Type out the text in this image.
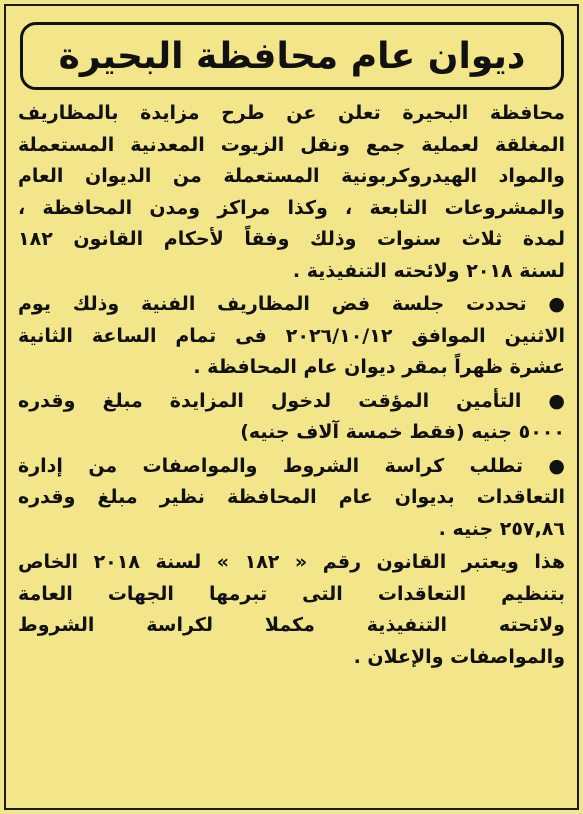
ديوان عام محافظة البحيرة
محافظة البحيرة تعلن عن طرح مزايدة بالمظاريف
المغلقة لعملية جمع ونقل الزيوت المعدنية المستعملة
والمواد الهيدروكربونية المستعملة من الديوان العام
والمشروعات التابعة ، وكذا مراكز ومدن المحافظة ،
لمدة ثلاث سنوات وذلك وفقاً لأحكام القانون ١٨٢
لسنة ٢٠١٨ ولائحته التنفيذية .
● تحددت جلسة فض المظاريف الفنية وذلك يوم
الاثنين الموافق ٢٠٢٦/١٠/١٢ فى تمام الساعة الثانية
عشرة ظهراً بمقر ديوان عام المحافظة .
● التأمين المؤقت لدخول المزايدة مبلغ وقدره
٥٠٠٠ جنيه (فقط خمسة آلاف جنيه)
● تطلب كراسة الشروط والمواصفات من إدارة
التعاقدات بديوان عام المحافظة نظير مبلغ وقدره
٢٥٧,٨٦ جنيه .
هذا ويعتبر القانون رقم « ١٨٢ » لسنة ٢٠١٨ الخاص
بتنظيم التعاقدات التى تبرمها الجهات العامة
ولائحته التنفيذية مكملا لكراسة الشروط
والمواصفات والإعلان .
